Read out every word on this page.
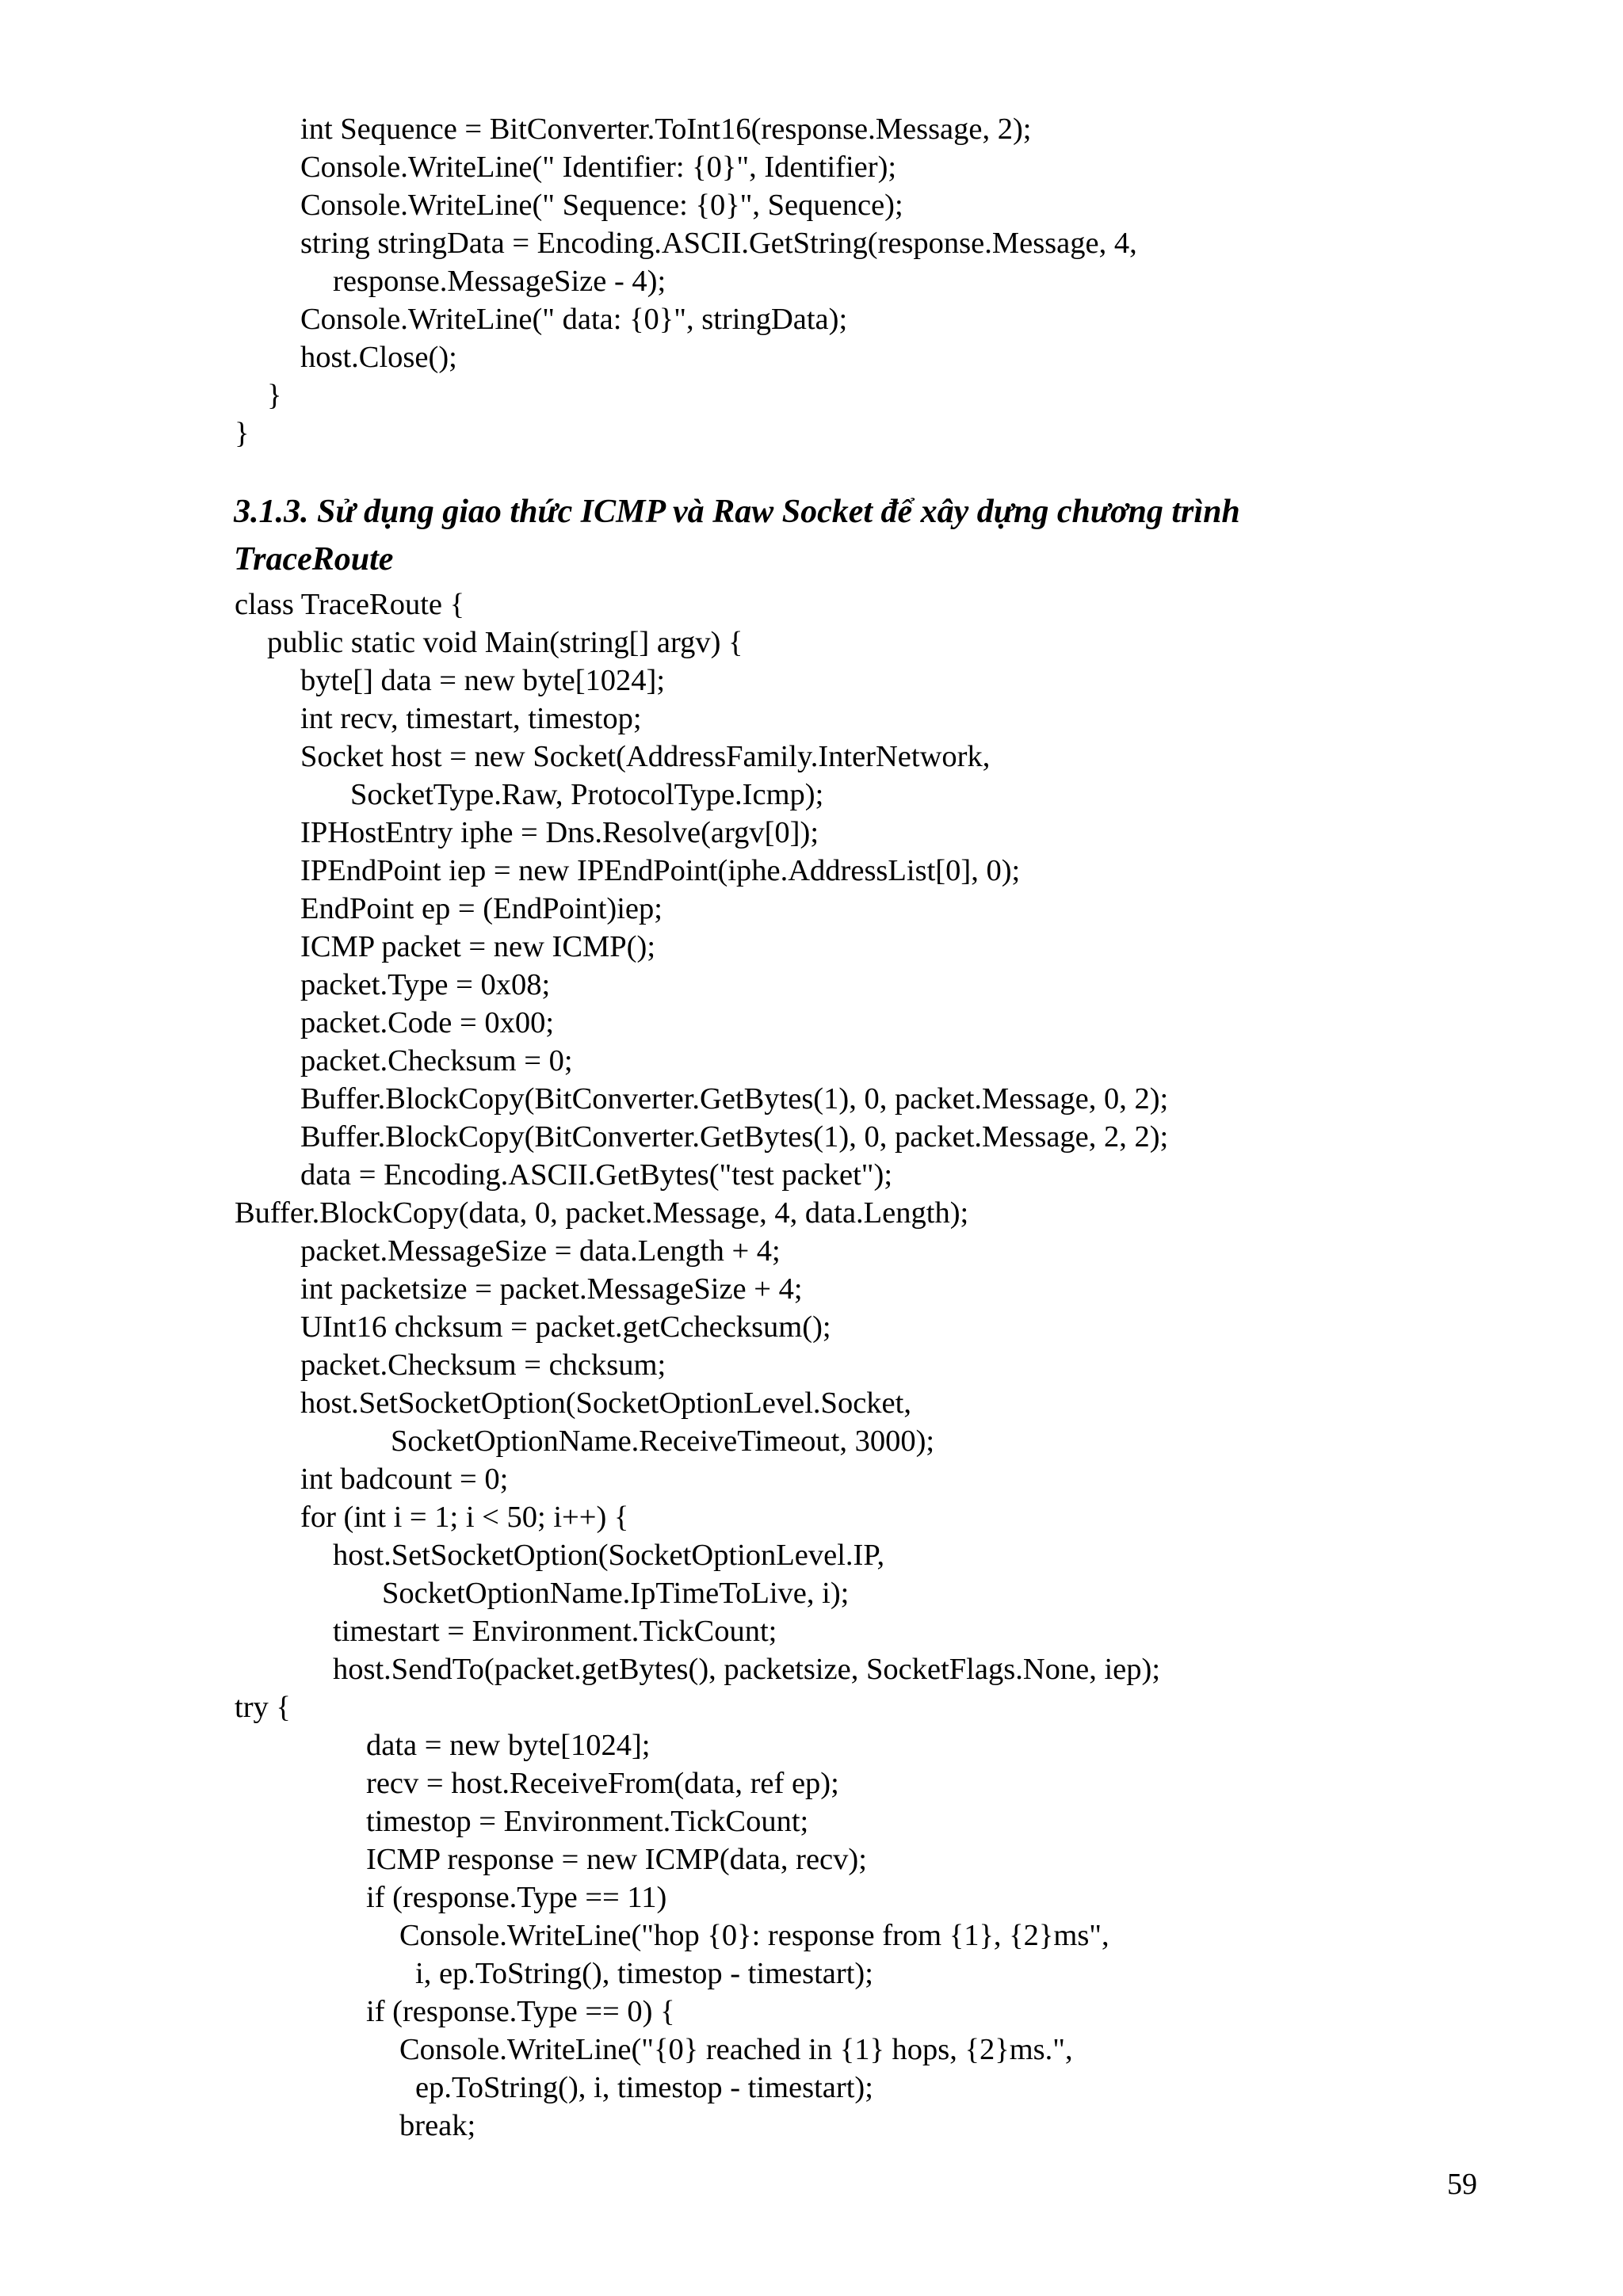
int Sequence = BitConverter.ToInt16(response.Message, 2);
Console.WriteLine(" Identifier: {0}", Identifier);
Console.WriteLine(" Sequence: {0}", Sequence);
string stringData = Encoding.ASCII.GetString(response.Message, 4,
response.MessageSize - 4);
Console.WriteLine(" data: {0}", stringData);
host.Close();
}
}
3.1.3. Sử dụng giao thức ICMP và Raw Socket để xây dựng chương trình
TraceRoute
class TraceRoute {
public static void Main(string[] argv) {
byte[] data = new byte[1024];
int recv, timestart, timestop;
Socket host = new Socket(AddressFamily.InterNetwork,
SocketType.Raw, ProtocolType.Icmp);
IPHostEntry iphe = Dns.Resolve(argv[0]);
IPEndPoint iep = new IPEndPoint(iphe.AddressList[0], 0);
EndPoint ep = (EndPoint)iep;
ICMP packet = new ICMP();
packet.Type = 0x08;
packet.Code = 0x00;
packet.Checksum = 0;
Buffer.BlockCopy(BitConverter.GetBytes(1), 0, packet.Message, 0, 2);
Buffer.BlockCopy(BitConverter.GetBytes(1), 0, packet.Message, 2, 2);
data = Encoding.ASCII.GetBytes("test packet");
Buffer.BlockCopy(data, 0, packet.Message, 4, data.Length);
packet.MessageSize = data.Length + 4;
int packetsize = packet.MessageSize + 4;
UInt16 chcksum = packet.getCchecksum();
packet.Checksum = chcksum;
host.SetSocketOption(SocketOptionLevel.Socket,
SocketOptionName.ReceiveTimeout, 3000);
int badcount = 0;
for (int i = 1; i < 50; i++) {
host.SetSocketOption(SocketOptionLevel.IP,
SocketOptionName.IpTimeToLive, i);
timestart = Environment.TickCount;
host.SendTo(packet.getBytes(), packetsize, SocketFlags.None, iep);
try {
data = new byte[1024];
recv = host.ReceiveFrom(data, ref ep);
timestop = Environment.TickCount;
ICMP response = new ICMP(data, recv);
if (response.Type == 11)
Console.WriteLine("hop {0}: response from {1}, {2}ms",
i, ep.ToString(), timestop - timestart);
if (response.Type == 0) {
Console.WriteLine("{0} reached in {1} hops, {2}ms.",
ep.ToString(), i, timestop - timestart);
break;
59
